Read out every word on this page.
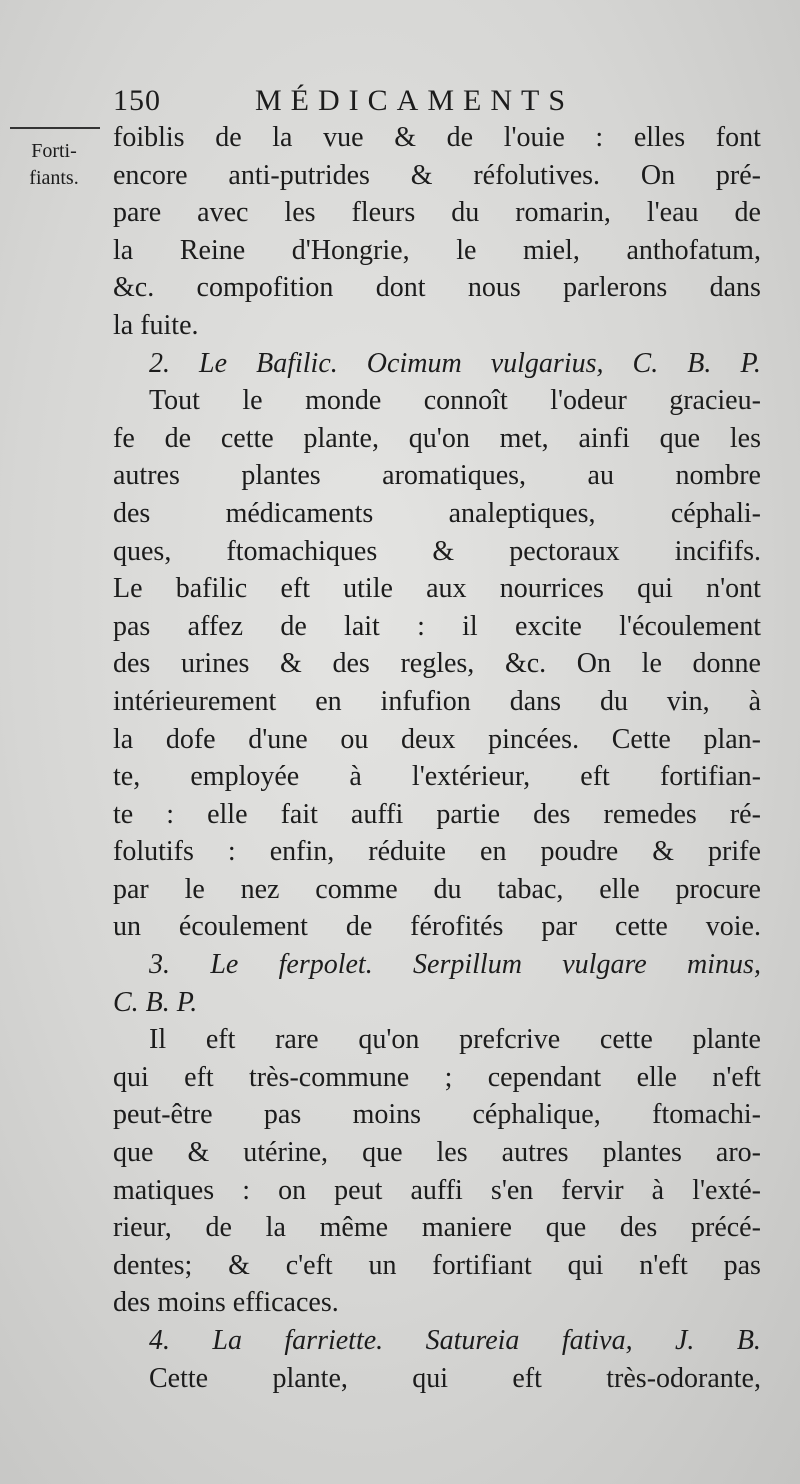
150	MÉDICAMENTS
Forti-
fiants.
foiblis de la vue & de l'ouie : elles font
encore anti-putrides & réfolutives. On pré-
pare avec les fleurs du romarin, l'eau de
la Reine d'Hongrie, le miel, anthofatum,
&c. compofition dont nous parlerons dans
la fuite.
2. Le Bafilic. Ocimum vulgarius, C. B. P.
Tout le monde connoît l'odeur gracieu-
fe de cette plante, qu'on met, ainfi que les
autres plantes aromatiques, au nombre
des	médicaments	analeptiques,	céphali-
ques, ftomachiques & pectoraux incififs.
Le bafilic eft utile aux nourrices qui n'ont
pas affez de lait : il excite l'écoulement
des urines & des regles, &c. On le donne
intérieurement en infufion dans du vin, à
la dofe d'une ou deux pincées. Cette plan-
te, employée à l'extérieur, eft fortifian-
te : elle fait auffi partie des remedes ré-
folutifs : enfin, réduite en poudre & prife
par le nez comme du tabac, elle procure
un écoulement de férofités par cette voie.
3. Le ferpolet. Serpillum vulgare minus,
C. B. P.
Il eft rare qu'on prefcrive cette plante
qui eft très-commune ; cependant elle n'eft
peut-être pas moins céphalique, ftomachi-
que & utérine, que les autres plantes aro-
matiques : on peut auffi s'en fervir à l'exté-
rieur, de la même maniere que des précé-
dentes; & c'eft un fortifiant qui n'eft pas
des moins efficaces.
4. La farriette. Satureia fativa, J. B.
Cette plante, qui eft très-odorante,
